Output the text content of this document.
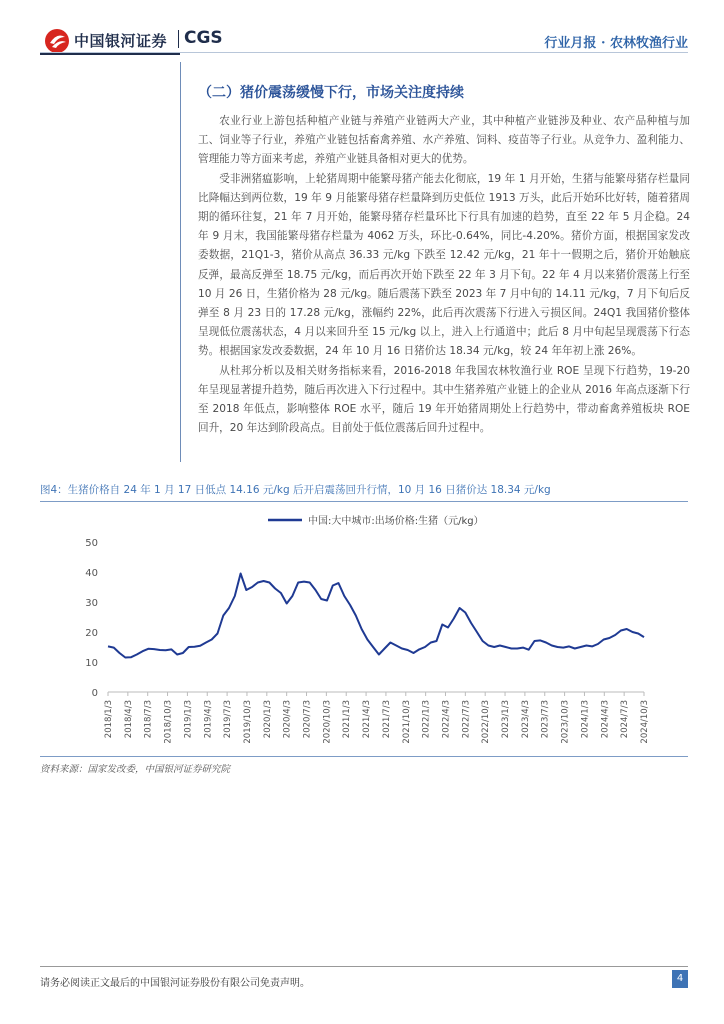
中国银河证券 CGS	行业月报 · 农林牧渔行业
（二）猪价震荡缓慢下行，市场关注度持续

农业行业上游包括种植产业链与养殖产业链两大产业，其中种植产业链涉及种业、农产品种植与加工、饲业等子行业，养殖产业链包括畜禽养殖、水产养殖、饲料、疫苗等子行业。从竞争力、盈利能力、管理能力等方面来考虑，养殖产业链具备相对更大的优势。

受非洲猪瘟影响，上轮猪周期中能繁母猪产能去化彻底，19 年 1 月开始，生猪与能繁母猪存栏量同比降幅达到两位数，19 年 9 月能繁母猪存栏量降到历史低位 1913 万头，此后开始环比好转，随着猪周期的循环往复，21 年 7 月开始，能繁母猪存栏量环比下行具有加速的趋势，直至 22 年 5 月企稳。24 年 9 月末，我国能繁母猪存栏量为 4062 万头，环比-0.64%，同比-4.20%。猪价方面，根据国家发改委数据，21Q1-3，猪价从高点 36.33 元/kg 下跌至 12.42 元/kg，21 年十一假期之后，猪价开始触底反弹，最高反弹至 18.75 元/kg，而后再次开始下跌至 22 年 3 月下旬。22 年 4 月以来猪价震荡上行至 10 月 26 日，生猪价格为 28 元/kg。随后震荡下跌至 2023 年 7 月中旬的 14.11 元/kg，7 月下旬后反弹至 8 月 23 日的 17.28 元/kg，涨幅约 22%，此后再次震荡下行进入亏损区间。24Q1 我国猪价整体呈现低位震荡状态，4 月以来回升至 15 元/kg 以上，进入上行通道中；此后 8 月中旬起呈现震荡下行态势。根据国家发改委数据，24 年 10 月 16 日猪价达 18.34 元/kg，较 24 年年初上涨 26%。

从杜邦分析以及相关财务指标来看，2016-2018 年我国农林牧渔行业 ROE 呈现下行趋势，19-20 年呈现显著提升趋势，随后再次进入下行过程中。其中生猪养殖产业链上的企业从 2016 年高点逐渐下行至 2018 年低点，影响整体 ROE 水平，随后 19 年开始猪周期处上行趋势中，带动畜禽养殖板块 ROE 回升，20 年达到阶段高点。目前处于低位震荡后回升过程中。

图4：生猪价格自 24 年 1 月 17 日低点 14.16 元/kg 后开启震荡回升行情，10 月 16 日猪价达 18.34 元/kg
中国:大中城市:出场价格:生猪（元/kg）
0
10
20
30
40
50
2018/1/3 2018/4/3 2018/7/3 2018/10/3 2019/1/3 2019/4/3 2019/7/3 2019/10/3 2020/1/3 2020/4/3 2020/7/3 2020/10/3 2021/1/3 2021/4/3 2021/7/3 2021/10/3 2022/1/3 2022/4/3 2022/7/3 2022/10/3 2023/1/3 2023/4/3 2023/7/3 2023/10/3 2024/1/3 2024/4/3 2024/7/3 2024/10/3
资料来源：国家发改委，中国银河证券研究院
请务必阅读正文最后的中国银河证券股份有限公司免责声明。	4
